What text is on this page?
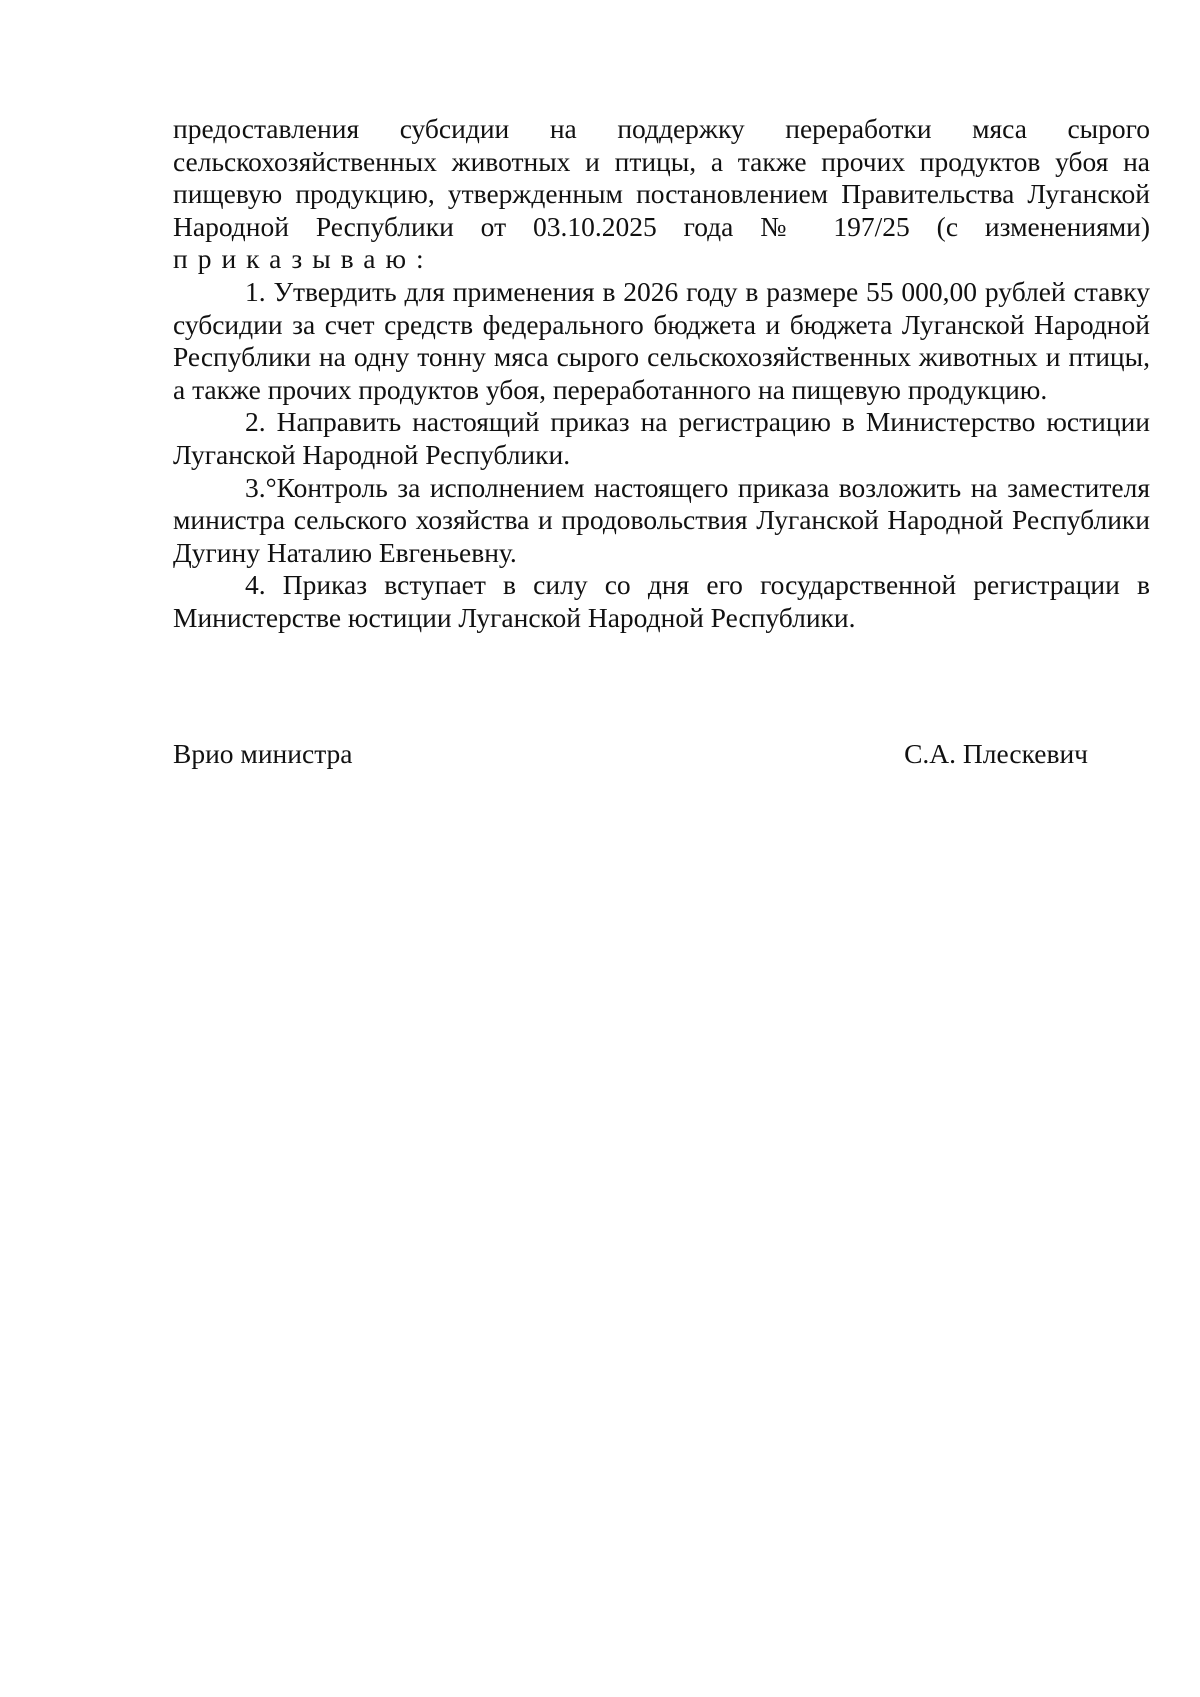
предоставления субсидии на поддержку переработки мяса сырого сельскохозяйственных животных и птицы, а также прочих продуктов убоя на пищевую продукцию, утвержденным постановлением Правительства Луганской Народной Республики от 03.10.2025 года № 197/25 (с изменениями)

приказываю:

1. Утвердить для применения в 2026 году в размере 55 000,00 рублей ставку субсидии за счет средств федерального бюджета и бюджета Луганской Народной Республики на одну тонну мяса сырого сельскохозяйственных животных и птицы, а также прочих продуктов убоя, переработанного на пищевую продукцию.

2. Направить настоящий приказ на регистрацию в Министерство юстиции Луганской Народной Республики.

3.°Контроль за исполнением настоящего приказа возложить на заместителя министра сельского хозяйства и продовольствия Луганской Народной Республики Дугину Наталию Евгеньевну.

4. Приказ вступает в силу со дня его государственной регистрации в Министерстве юстиции Луганской Народной Республики.

Врио министра	С.А. Плескевич
